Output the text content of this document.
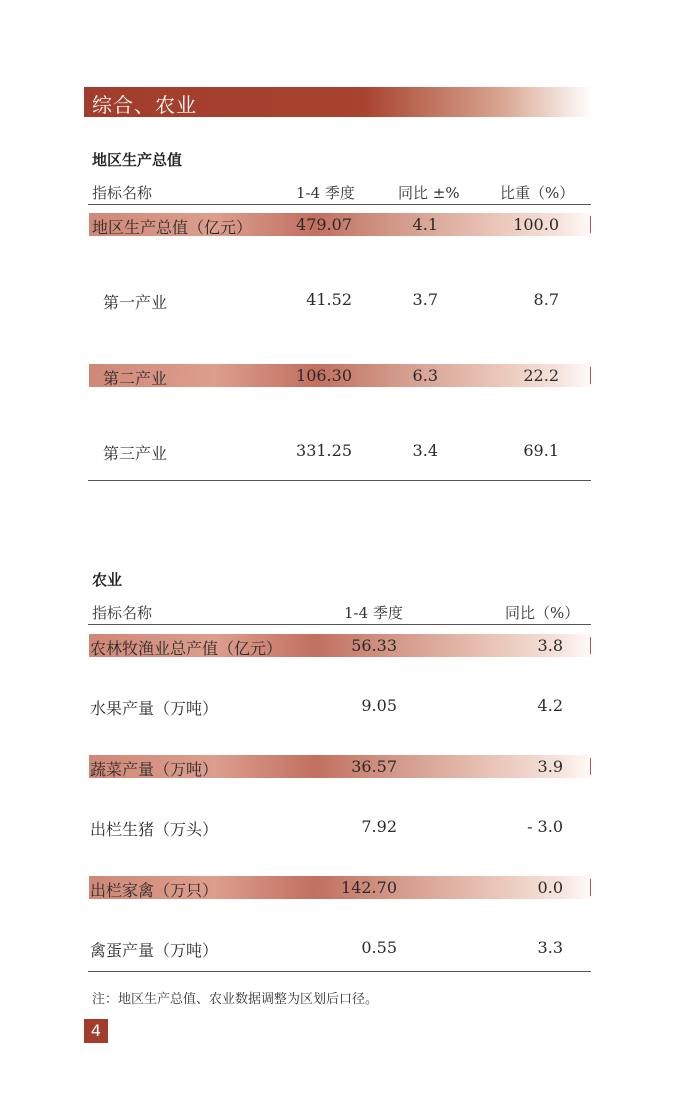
综合、农业
地区生产总值
指标名称	1-4 季度	同比 ±%	比重（%）
地区生产总值（亿元）	479.07	4.1	100.0
第一产业	41.52	3.7	8.7
第二产业	106.30	6.3	22.2
第三产业	331.25	3.4	69.1
农业
指标名称	1-4 季度	同比（%）
农林牧渔业总产值（亿元）	56.33	3.8
水果产量（万吨）	9.05	4.2
蔬菜产量（万吨）	36.57	3.9
出栏生猪（万头）	7.92	- 3.0
出栏家禽（万只）	142.70	0.0
禽蛋产量（万吨）	0.55	3.3
注：地区生产总值、农业数据调整为区划后口径。
4
